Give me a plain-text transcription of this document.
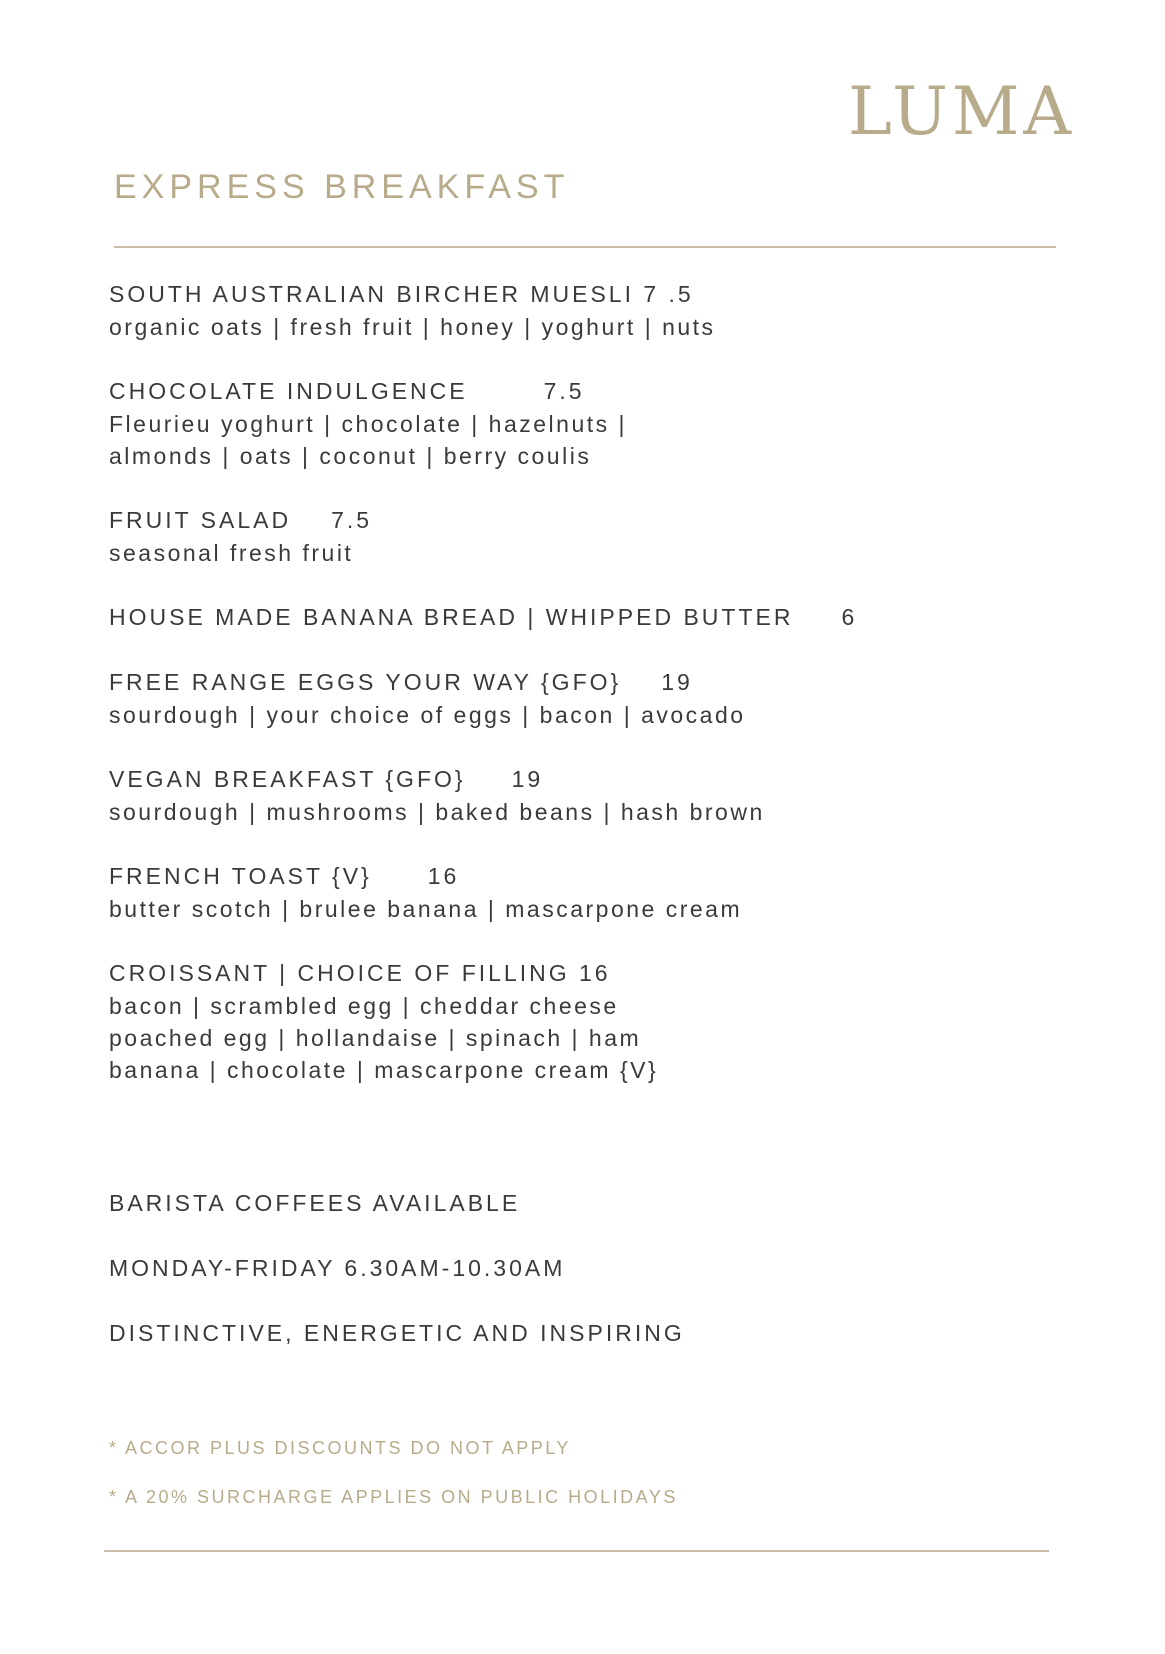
LUMA
EXPRESS BREAKFAST
SOUTH AUSTRALIAN BIRCHER MUESLI 7 .5
organic oats | fresh fruit | honey | yoghurt | nuts
CHOCOLATE INDULGENCE	7.5
Fleurieu yoghurt | chocolate | hazelnuts |
almonds | oats | coconut | berry coulis
FRUIT SALAD 7.5
seasonal fresh fruit
HOUSE MADE BANANA BREAD | WHIPPED BUTTER 6
FREE RANGE EGGS YOUR WAY {GFO} 19
sourdough | your choice of eggs | bacon | avocado
VEGAN BREAKFAST {GFO} 19
sourdough | mushrooms | baked beans | hash brown
FRENCH TOAST {V} 16
butter scotch | brulee banana | mascarpone cream
CROISSANT | CHOICE OF FILLING 16
bacon | scrambled egg | cheddar cheese
poached egg | hollandaise | spinach | ham
banana | chocolate | mascarpone cream {V}
BARISTA COFFEES AVAILABLE
MONDAY-FRIDAY 6.30AM-10.30AM
DISTINCTIVE, ENERGETIC AND INSPIRING
* ACCOR PLUS DISCOUNTS DO NOT APPLY
* A 20% SURCHARGE APPLIES ON PUBLIC HOLIDAYS
